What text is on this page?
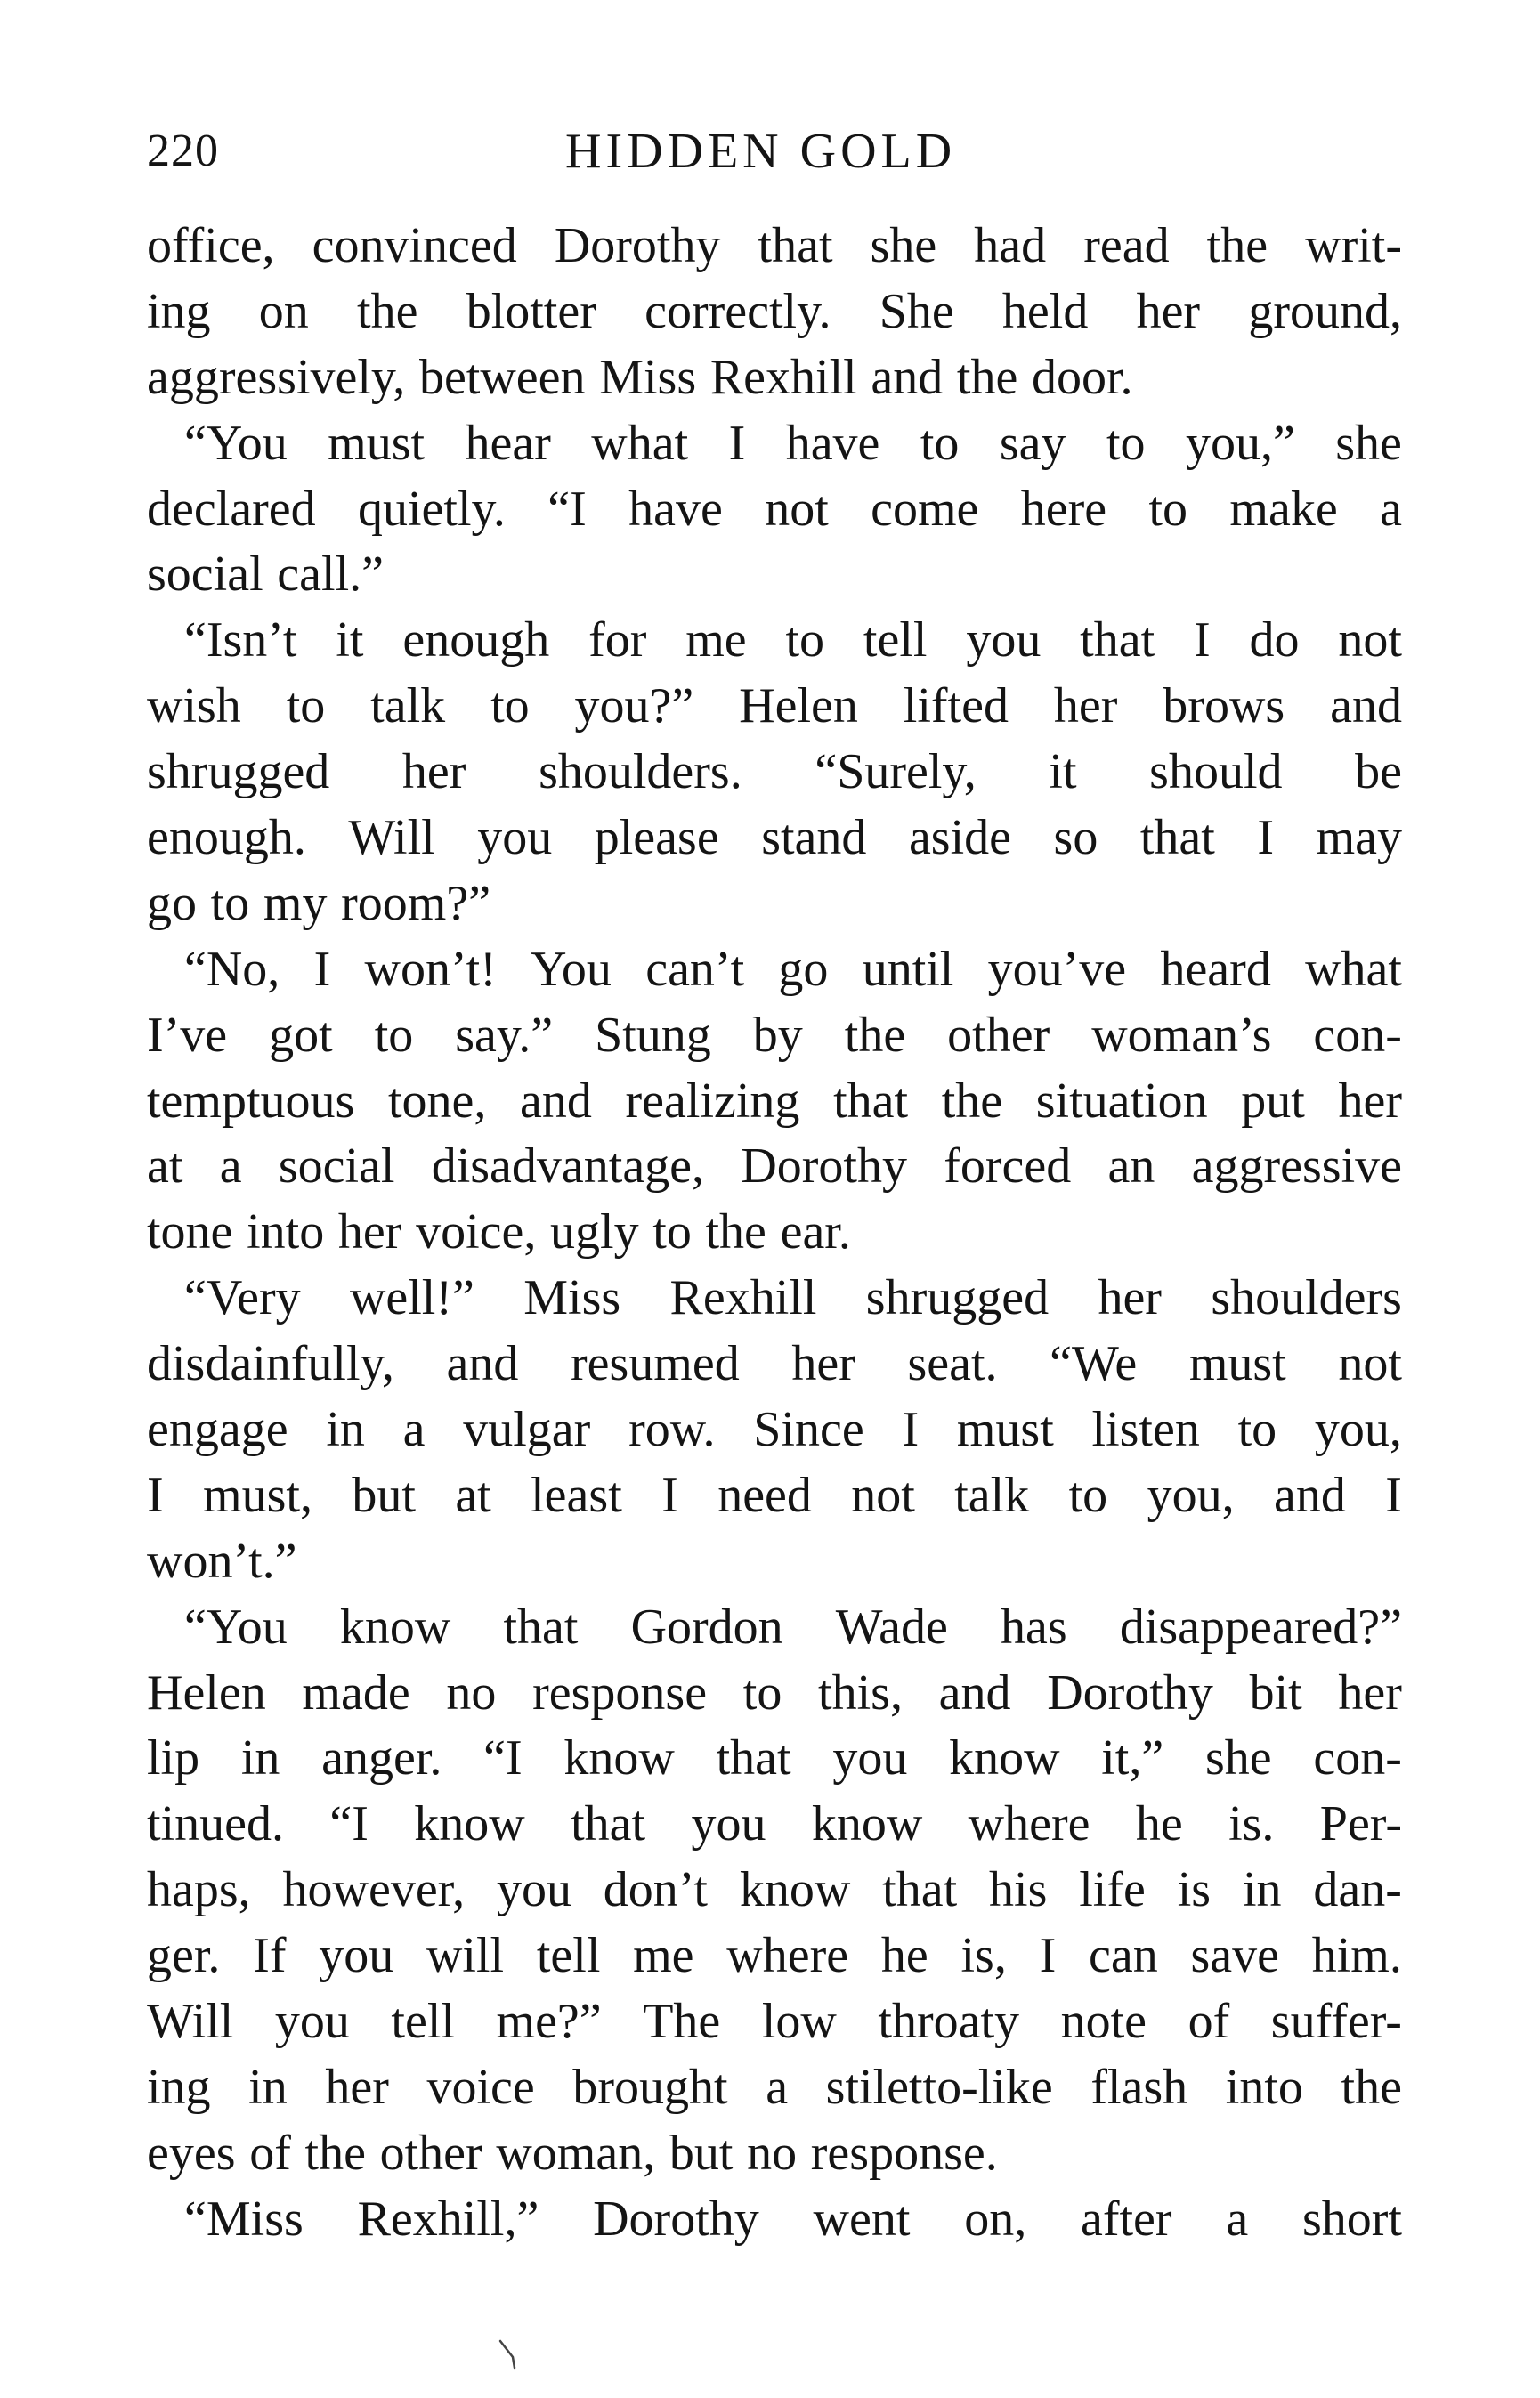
220	HIDDEN GOLD
office, convinced Dorothy that she had read the writ-
ing on the blotter correctly. She held her ground,
aggressively, between Miss Rexhill and the door.
“You must hear what I have to say to you,” she
declared quietly. “I have not come here to make a
social call.”
“Isn’t it enough for me to tell you that I do not
wish to talk to you?” Helen lifted her brows and
shrugged her shoulders. “Surely, it should be
enough. Will you please stand aside so that I may
go to my room?”
“No, I won’t! You can’t go until you’ve heard what
I’ve got to say.” Stung by the other woman’s con-
temptuous tone, and realizing that the situation put her
at a social disadvantage, Dorothy forced an aggressive
tone into her voice, ugly to the ear.
“Very well!” Miss Rexhill shrugged her shoulders
disdainfully, and resumed her seat. “We must not
engage in a vulgar row. Since I must listen to you,
I must, but at least I need not talk to you, and I
won’t.”
“You know that Gordon Wade has disappeared?”
Helen made no response to this, and Dorothy bit her
lip in anger. “I know that you know it,” she con-
tinued. “I know that you know where he is. Per-
haps, however, you don’t know that his life is in dan-
ger. If you will tell me where he is, I can save him.
Will you tell me?” The low throaty note of suffer-
ing in her voice brought a stiletto-like flash into the
eyes of the other woman, but no response.
“Miss Rexhill,” Dorothy went on, after a short
